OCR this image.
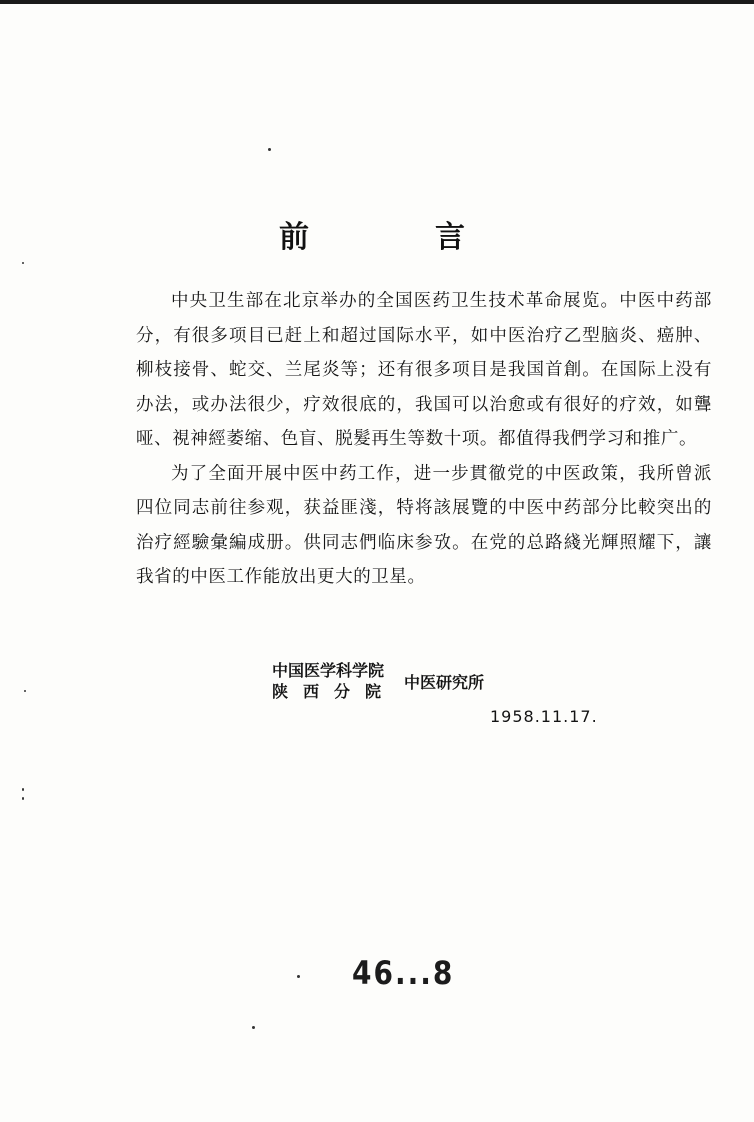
前　言

中央卫生部在北京举办的全国医药卫生技术革命展览。中医中药部分，有很多项目已赶上和超过国际水平，如中医治疗乙型脑炎、癌肿、柳枝接骨、蛇交、兰尾炎等；还有很多项目是我国首創。在国际上没有办法，或办法很少，疗效很底的，我国可以治愈或有很好的疗效，如聾哑、視神經萎缩、色盲、脱髮再生等数十项。都值得我們学习和推广。

为了全面开展中医中药工作，进一步貫徹党的中医政策，我所曾派四位同志前往参观，获益匪淺，特将該展覽的中医中药部分比較突出的治疗經驗彙編成册。供同志們临床参攷。在党的总路綫光輝照耀下，讓我省的中医工作能放出更大的卫星。

中国医学科学院
陕西分院 中医研究所
1958.11.17.
46...8
